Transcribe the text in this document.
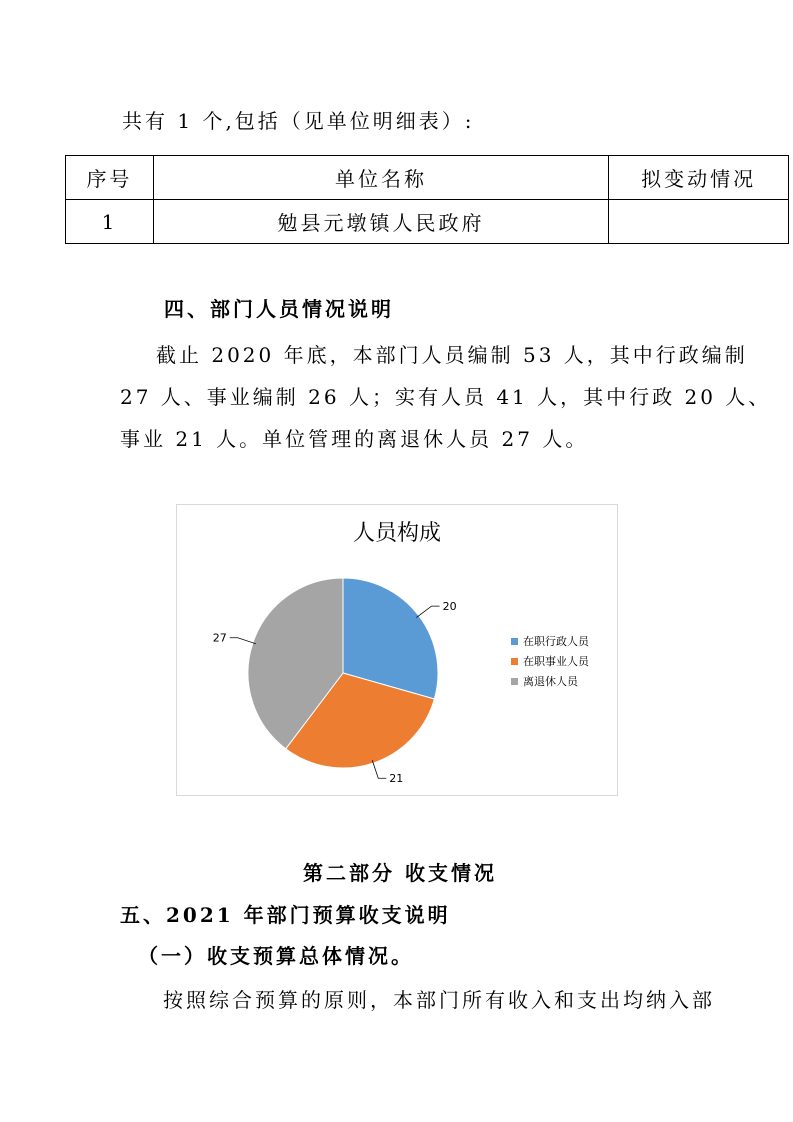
共有 1 个,包括（见单位明细表）:
序号	单位名称	拟变动情况
1	勉县元墩镇人民政府	
四、部门人员情况说明
截止 2020 年底，本部门人员编制 53 人，其中行政编制
27 人、事业编制 26 人；实有人员 41 人，其中行政 20 人、
事业 21 人。单位管理的离退休人员 27 人。
人员构成
20
21
27	在职行政人员
在职事业人员
离退休人员
第二部分 收支情况
五、2021 年部门预算收支说明
（一）收支预算总体情况。
按照综合预算的原则，本部门所有收入和支出均纳入部
